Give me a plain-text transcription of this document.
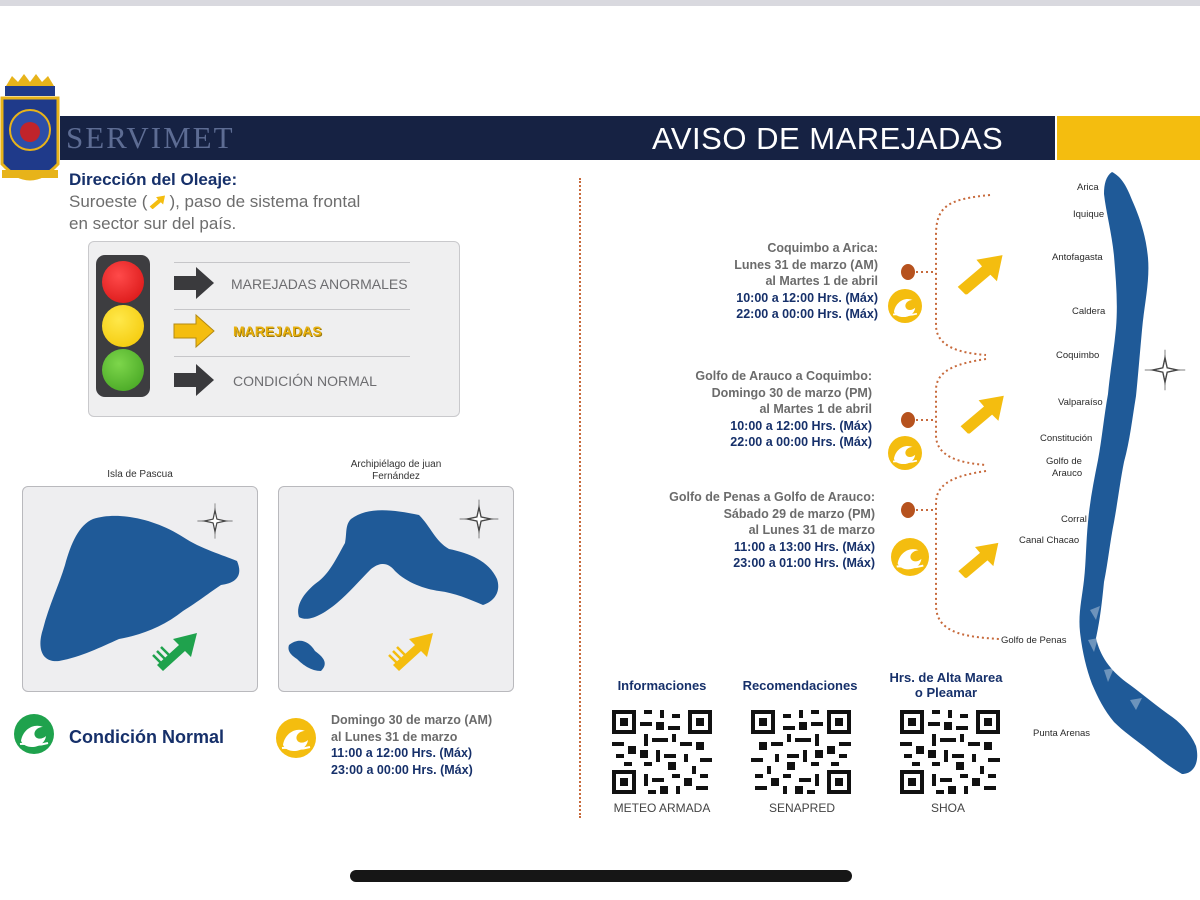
SERVIMET	AVISO DE MAREJADAS
Dirección del Oleaje:
Suroeste ( ), paso de sistema frontal
en sector sur del país.
MAREJADAS ANORMALES
MAREJADAS
CONDICIÓN NORMAL
Isla de Pascua
Archipiélago de juan
Fernández
Condición Normal
Domingo 30 de marzo (AM)
al Lunes 31 de marzo
11:00 a 12:00 Hrs. (Máx)
23:00 a 00:00 Hrs. (Máx)
Coquimbo a Arica:
Lunes 31 de marzo (AM)
al Martes 1 de abril
10:00 a 12:00 Hrs. (Máx)
22:00 a 00:00 Hrs. (Máx)
Golfo de Arauco a Coquimbo:
Domingo 30 de marzo (PM)
al Martes 1 de abril
10:00 a 12:00 Hrs. (Máx)
22:00 a 00:00 Hrs. (Máx)
Golfo de Penas a Golfo de Arauco:
Sábado 29 de marzo (PM)
al Lunes 31 de marzo
11:00 a 13:00 Hrs. (Máx)
23:00 a 01:00 Hrs. (Máx)
Arica
Iquique
Antofagasta
Caldera
Coquimbo
Valparaíso
Constitución
Golfo de
Arauco
Corral
Canal Chacao
Golfo de Penas
Punta Arenas
Informaciones	Recomendaciones
Hrs. de Alta Marea
o Pleamar
METEO ARMADA	SENAPRED	SHOA
